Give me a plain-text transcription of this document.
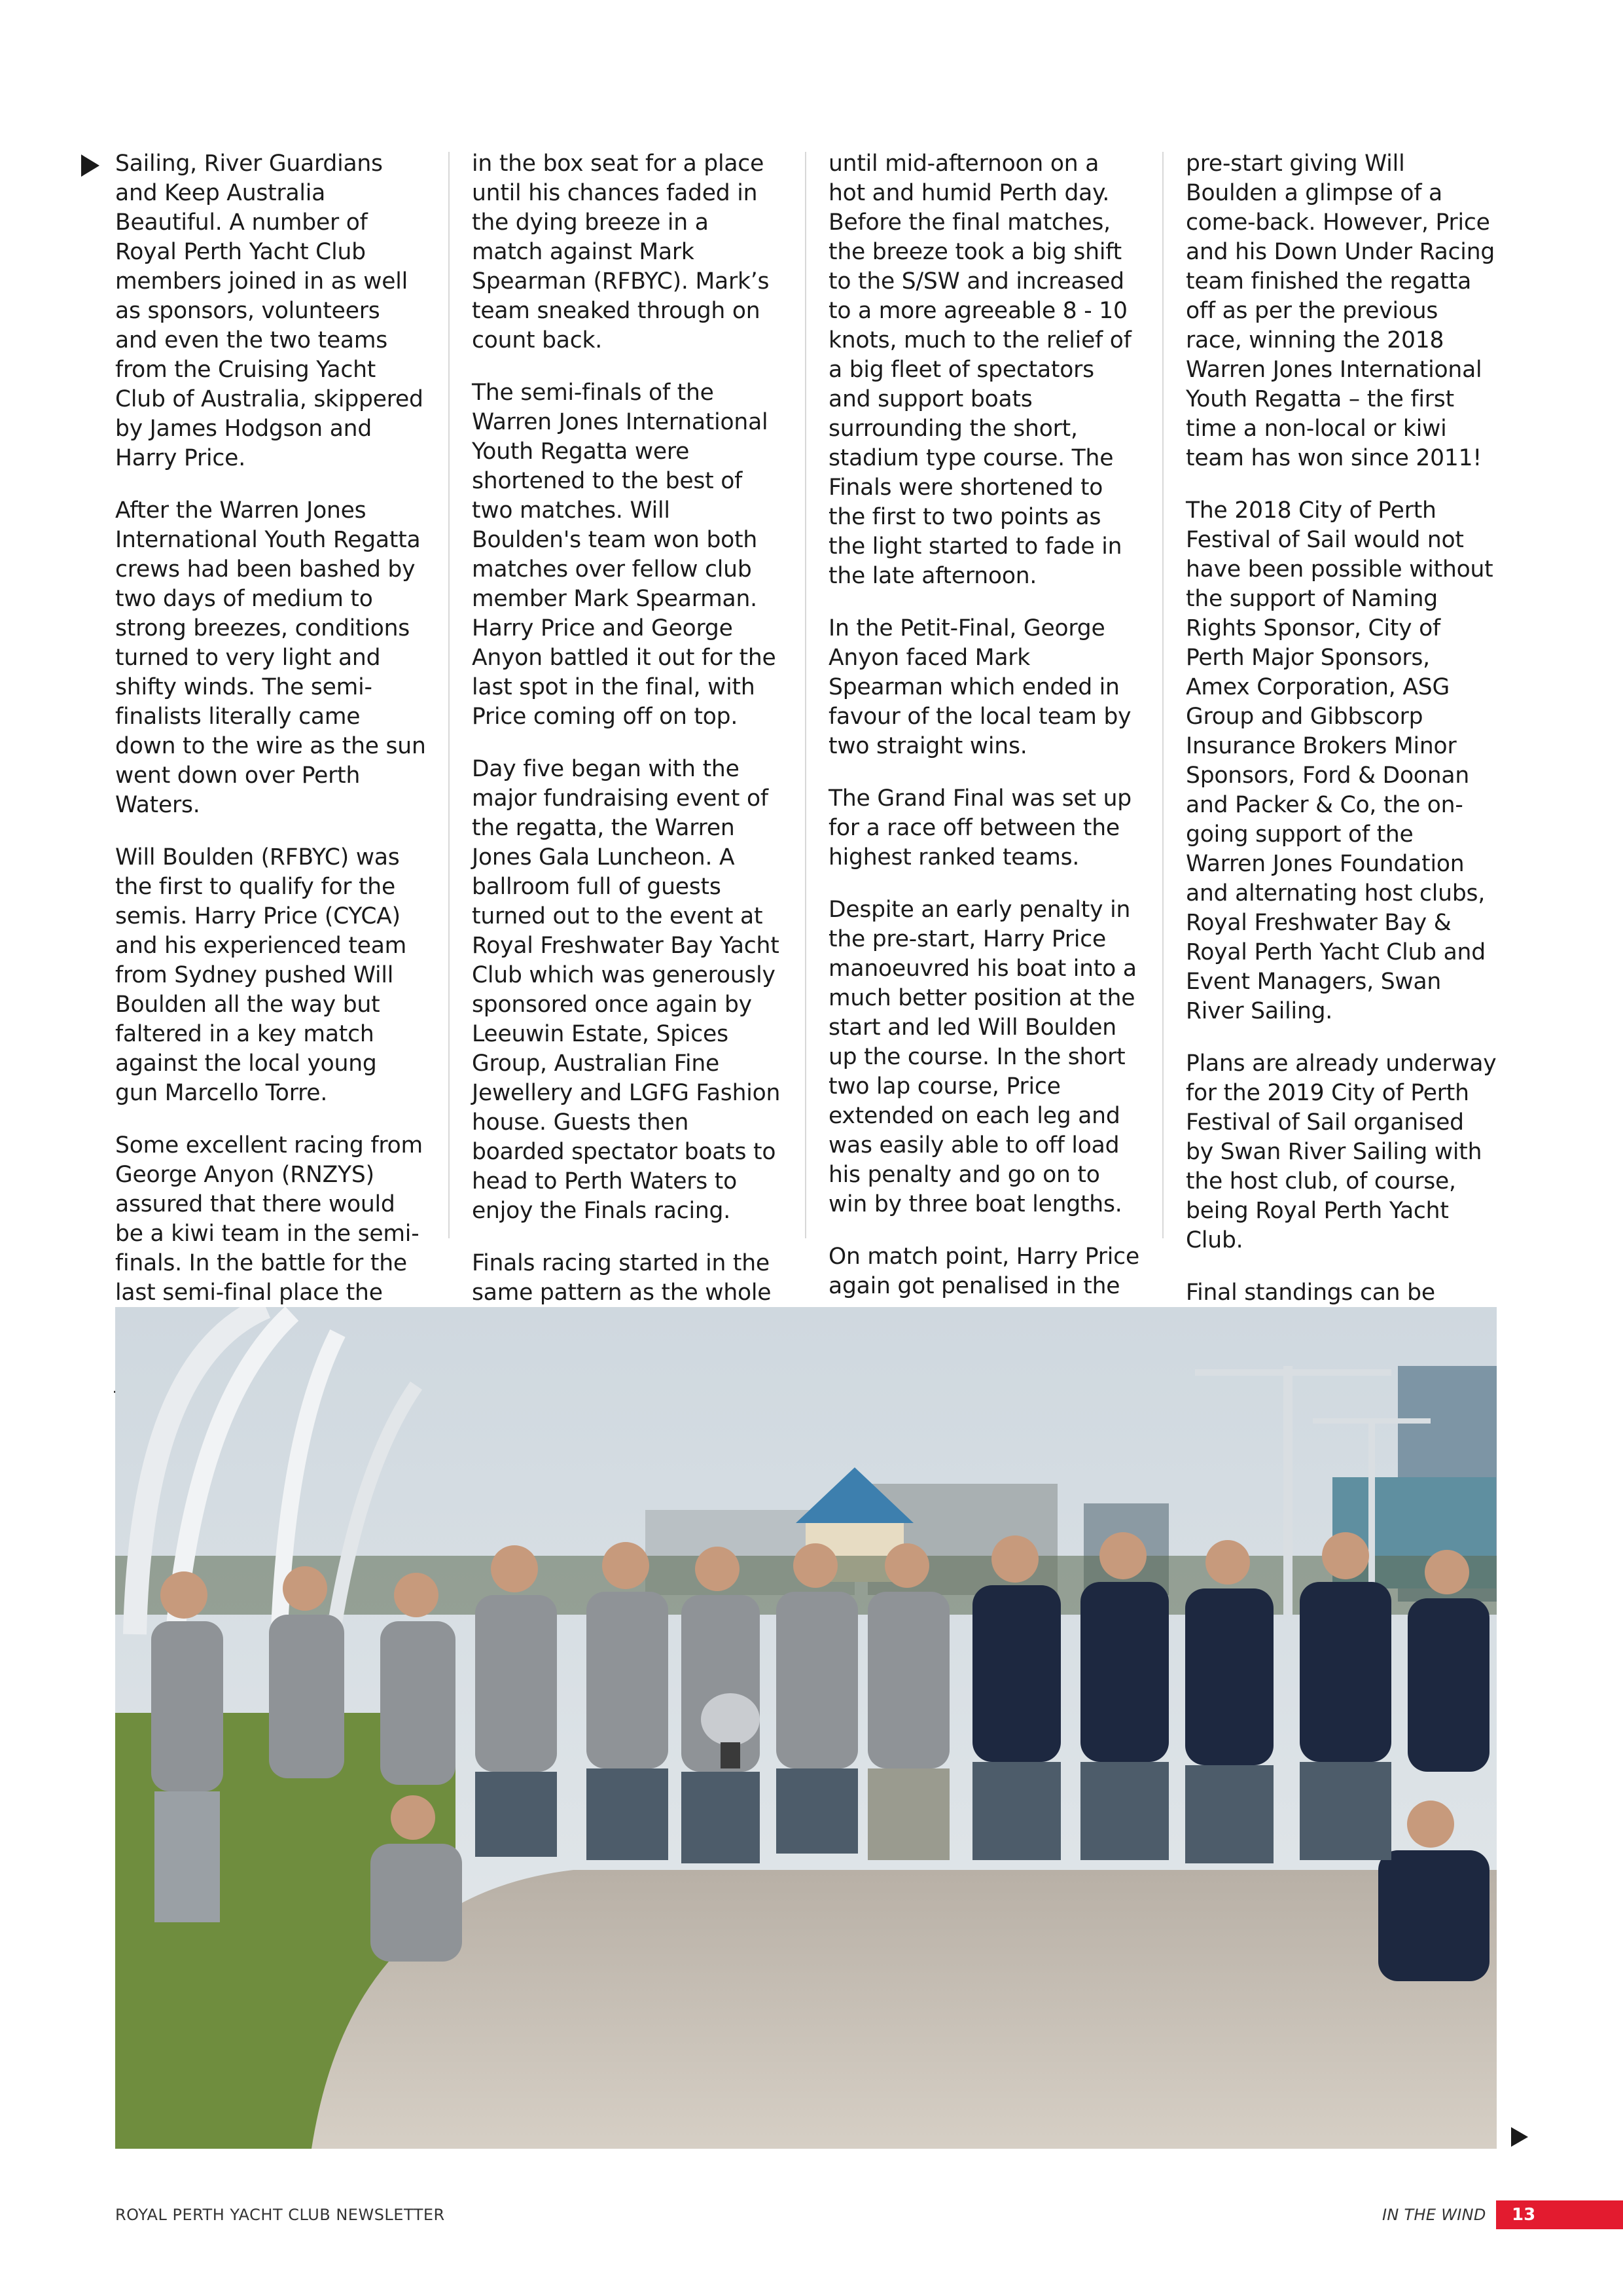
Sailing, River Guardians and Keep Australia Beautiful. A number of Royal Perth Yacht Club members joined in as well as sponsors, volunteers and even the two teams from the Cruising Yacht Club of Australia, skippered by James Hodgson and Harry Price.

After the Warren Jones International Youth Regatta crews had been bashed by two days of medium to strong breezes, conditions turned to very light and shifty winds. The semi-finalists literally came down to the wire as the sun went down over Perth Waters.

Will Boulden (RFBYC) was the first to qualify for the semis. Harry Price (CYCA) and his experienced team from Sydney pushed Will Boulden all the way but faltered in a key match against the local young gun Marcello Torre.

Some excellent racing from George Anyon (RNZYS) assured that there would be a kiwi team in the semi-finals. In the battle for the last semi-final place the

in the box seat for a place until his chances faded in the dying breeze in a match against Mark Spearman (RFBYC). Mark’s team sneaked through on count back.

The semi-finals of the Warren Jones International Youth Regatta were shortened to the best of two matches. Will Boulden's team won both matches over fellow club member Mark Spearman. Harry Price and George Anyon battled it out for the last spot in the final, with Price coming off on top.

Day five began with the major fundraising event of the regatta, the Warren Jones Gala Luncheon. A ballroom full of guests turned out to the event at Royal Freshwater Bay Yacht Club which was generously sponsored once again by Leeuwin Estate, Spices Group, Australian Fine Jewellery and LGFG Fashion house. Guests then boarded spectator boats to head to Perth Waters to enjoy the Finals racing.

Finals racing started in the same pattern as the whole

until mid-afternoon on a hot and humid Perth day. Before the final matches, the breeze took a big shift to the S/SW and increased to a more agreeable 8 - 10 knots, much to the relief of a big fleet of spectators and support boats surrounding the short, stadium type course. The Finals were shortened to the first to two points as the light started to fade in the late afternoon.

In the Petit-Final, George Anyon faced Mark Spearman which ended in favour of the local team by two straight wins.

The Grand Final was set up for a race off between the highest ranked teams.

Despite an early penalty in the pre-start, Harry Price manoeuvred his boat into a much better position at the start and led Will Boulden up the course. In the short two lap course, Price extended on each leg and was easily able to off load his penalty and go on to win by three boat lengths.

On match point, Harry Price again got penalised in the

pre-start giving Will Boulden a glimpse of a come-back. However, Price and his Down Under Racing team finished the regatta off as per the previous race, winning the 2018 Warren Jones International Youth Regatta – the first time a non-local or kiwi team has won since 2011!

The 2018 City of Perth Festival of Sail would not have been possible without the support of Naming Rights Sponsor, City of Perth Major Sponsors, Amex Corporation, ASG Group and Gibbscorp Insurance Brokers Minor Sponsors, Ford & Doonan and Packer & Co, the on-going support of the Warren Jones Foundation and alternating host clubs, Royal Freshwater Bay & Royal Perth Yacht Club and Event Managers, Swan River Sailing.

Plans are already underway for the 2019 City of Perth Festival of Sail organised by Swan River Sailing with the host club, of course, being Royal Perth Yacht Club.

Final standings can be

ROYAL PERTH YACHT CLUB NEWSLETTER	IN THE WIND	13
